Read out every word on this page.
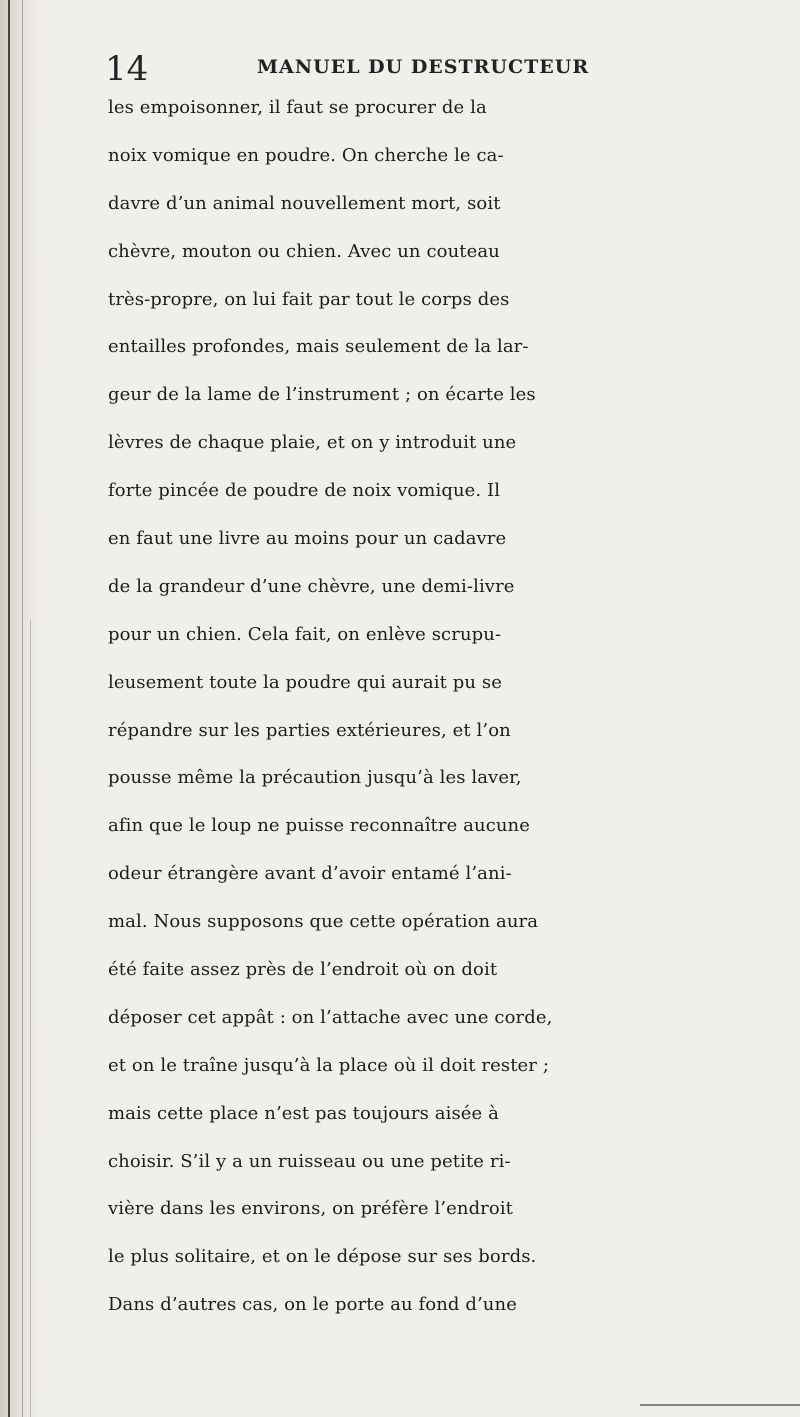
14	MANUEL DU DESTRUCTEUR
les empoisonner, il faut se procurer de la
noix vomique en poudre. On cherche le ca-
davre d’un animal nouvellement mort, soit
chèvre, mouton ou chien. Avec un couteau
très-propre, on lui fait par tout le corps des
entailles profondes, mais seulement de la lar-
geur de la lame de l’instrument ; on écarte les
lèvres de chaque plaie, et on y introduit une
forte pincée de poudre de noix vomique. Il
en faut une livre au moins pour un cadavre
de la grandeur d’une chèvre, une demi-livre
pour un chien. Cela fait, on enlève scrupu-
leusement toute la poudre qui aurait pu se
répandre sur les parties extérieures, et l’on
pousse même la précaution jusqu’à les laver,
afin que le loup ne puisse reconnaître aucune
odeur étrangère avant d’avoir entamé l’ani-
mal. Nous supposons que cette opération aura
été faite assez près de l’endroit où on doit
déposer cet appât : on l’attache avec une corde,
et on le traîne jusqu’à la place où il doit rester ;
mais cette place n’est pas toujours aisée à
choisir. S’il y a un ruisseau ou une petite ri-
vière dans les environs, on préfère l’endroit
le plus solitaire, et on le dépose sur ses bords.
Dans d’autres cas, on le porte au fond d’une
